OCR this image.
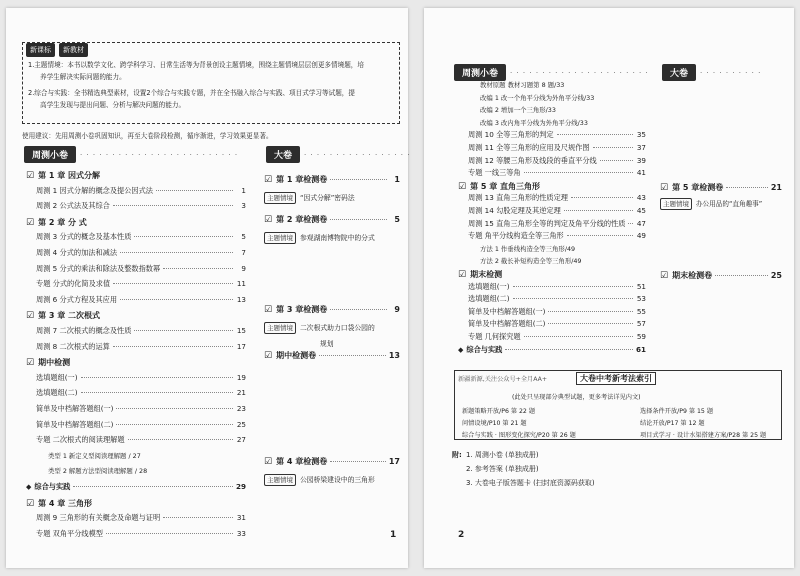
新课标	新教材
1.主题情境：本书以数学文化、跨学科学习、日常生活等为背景创设主题情境，围绕主题情境层层创更多情境题，培
养学生解决实际问题的能力。
2.综合与实践：全书精选典型素材，设置2个综合与实践专题，并在全书融入综合与实践、项目式学习等试题，提
高学生发现与提出问题、分析与解决问题的能力。
使用建议：先用周测小卷巩固知识，再至大卷阶段检测，循序渐进，学习效果更显著。
周测小卷	· · · · · · · · · · · · · · · · · · · · · · · · ·	大卷	· · · · · · · · · · · · · · · · ·
☑ 第 1 章 因式分解
周测 1 因式分解的概念及提公因式法	1
周测 2 公式法及其综合	3
☑ 第 2 章 分 式
周测 3 分式的概念及基本性质	5
周测 4 分式的加法和减法	7
周测 5 分式的乘法和除法及整数指数幂	9
专题 分式的化简及求值	11
周测 6 分式方程及其应用	13
☑ 第 3 章 二次根式
周测 7 二次根式的概念及性质	15
周测 8 二次根式的运算	17
☑ 期中检测
选填题组(一)	19
选填题组(二)	21
简单及中档解答题组(一)	23
简单及中档解答题组(二)	25
专题 二次根式的阅读理解题	27
类型 1 新定义型阅读理解题 / 27
类型 2 解题方法型阅读理解题 / 28
◆ 综合与实践	29
☑ 第 4 章 三角形
周测 9 三角形的有关概念及命题与证明	31
专题 双角平分线模型	33
☑ 第 1 章检测卷	1
主题情境	“因式分解”密码法
☑ 第 2 章检测卷	5
主题情境	参观湖南博物院中的分式
☑ 第 3 章检测卷	9
主题情境	二次根式助力口袋公园的
规划
☑ 期中检测卷	13
☑ 第 4 章检测卷	17
主题情境	公园桥梁建设中的三角形
1
周测小卷	· · · · · · · · · · · · · · · · · · · · · ·	大卷	· · · · · · · · · ·
教材原题 教材习题第 8 题/33
改编 1 改一个角平分线为外角平分线/33
改编 2 增加一个三角形/33
改编 3 改内角平分线为外角平分线/33
周测 10 全等三角形的判定	35
周测 11 全等三角形的应用及尺规作图	37
周测 12 等腰三角形及线段的垂直平分线	39
专题 一线三等角	41
☑ 第 5 章 直角三角形
周测 13 直角三角形的性质定理	43
周测 14 勾股定理及其逆定理	45
周测 15 直角三角形全等的判定及角平分线的性质 47
专题 角平分线构造全等三角形	49
方法 1 作垂线构造全等三角形/49
方法 2 截长补短构造全等三角形/49
☑ 期末检测
选填题组(一)	51
选填题组(二)	53
简单及中档解答题组(一)	55
简单及中档解答题组(二)	57
专题 几何探究题	59
◆ 综合与实践	61
☑ 第 5 章检测卷	21
主题情境	办公用品的“直角趣事”
☑ 期末检测卷	25
新疆新源,关注公众号+全月AA+	大卷中考新考法索引
(此处只呈现部分典型试题，更多考法详见内文)
新题策略开放/P6 第 22 题	选择条件开放/P9 第 15 题
问情设境/P10 第 21 题	结论开放/P17 第 12 题
综合与实践 · 图形变化探究/P20 第 26 题	项目式学习 · 设计水渠搭建方案/P28 第 25 题
附: 1. 周测小卷 (单独成册)
2. 参考答案 (单独成册)
3. 大卷电子版答题卡 (扫封底资源码获取)
2
